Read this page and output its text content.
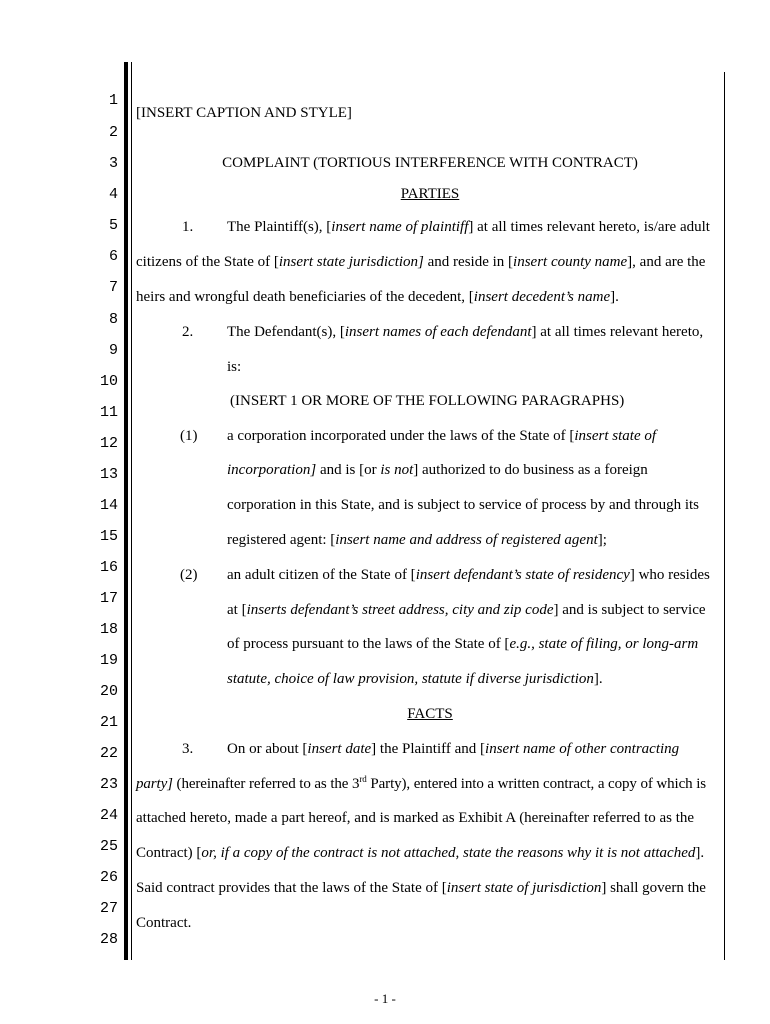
1
2
3
4
5
6
7
8
9
10
11
12
13
14
15
16
17
18
19
20
21
22
23
24
25
26
27
28
[INSERT CAPTION AND STYLE]
COMPLAINT (TORTIOUS INTERFERENCE WITH CONTRACT)
PARTIES
1. The Plaintiff(s), [insert name of plaintiff] at all times relevant hereto, is/are adult
citizens of the State of [insert state jurisdiction] and reside in [insert county name], and are the
heirs and wrongful death beneficiaries of the decedent, [insert decedent’s name].
2. The Defendant(s), [insert names of each defendant] at all times relevant hereto,
is:
(INSERT 1 OR MORE OF THE FOLLOWING PARAGRAPHS)
(1) a corporation incorporated under the laws of the State of [insert state of
incorporation] and is [or is not] authorized to do business as a foreign
corporation in this State, and is subject to service of process by and through its
registered agent: [insert name and address of registered agent];
(2) an adult citizen of the State of [insert defendant’s state of residency] who resides
at [inserts defendant’s street address, city and zip code] and is subject to service
of process pursuant to the laws of the State of [e.g., state of filing, or long-arm
statute, choice of law provision, statute if diverse jurisdiction].
FACTS
3. On or about [insert date] the Plaintiff and [insert name of other contracting
party] (hereinafter referred to as the 3rd Party), entered into a written contract, a copy of which is
attached hereto, made a part hereof, and is marked as Exhibit A (hereinafter referred to as the
Contract) [or, if a copy of the contract is not attached, state the reasons why it is not attached].
Said contract provides that the laws of the State of [insert state of jurisdiction] shall govern the
Contract.
- 1 -
